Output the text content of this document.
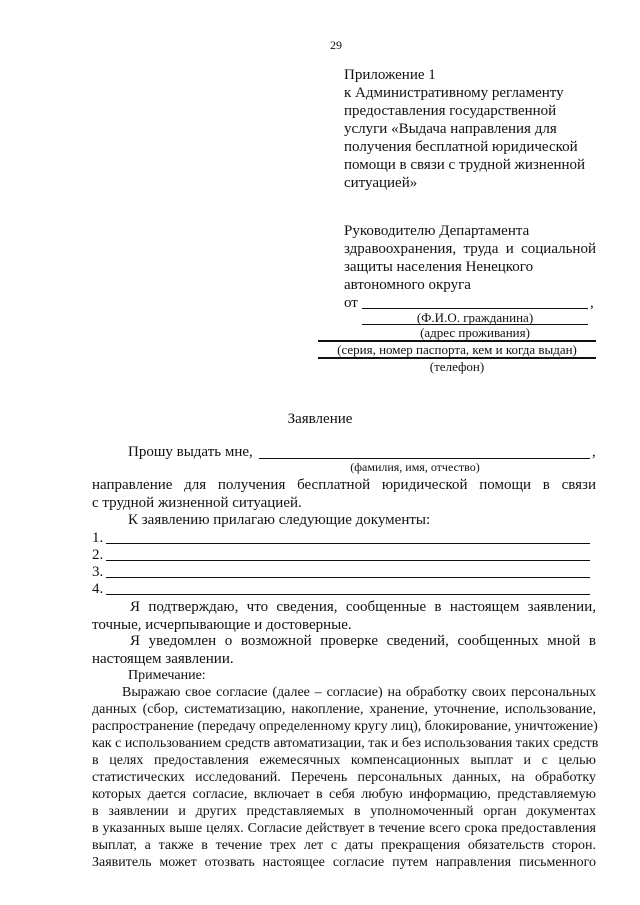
29
Приложение 1
к Административному регламенту
предоставления государственной
услуги «Выдача направления для
получения бесплатной юридической
помощи в связи с трудной жизненной
ситуацией»
Руководителю Департамента
здравоохранения, труда и социальной
защиты населения Ненецкого
автономного округа
от	,
(Ф.И.О. гражданина)
(адрес проживания)
(серия, номер паспорта, кем и когда выдан)
(телефон)
Заявление
Прошу выдать мне,	,
(фамилия, имя, отчество)
направление для получения бесплатной юридической помощи в связи
с трудной жизненной ситуацией.
К заявлению прилагаю следующие документы:
1.
2.
3.
4.
Я подтверждаю, что сведения, сообщенные в настоящем заявлении,
точные, исчерпывающие и достоверные.
Я уведомлен о возможной проверке сведений, сообщенных мной в
настоящем заявлении.
Примечание:
Выражаю свое согласие (далее – согласие) на обработку своих персональных
данных (сбор, систематизацию, накопление, хранение, уточнение, использование,
распространение (передачу определенному кругу лиц), блокирование, уничтожение)
как с использованием средств автоматизации, так и без использования таких средств
в целях предоставления ежемесячных компенсационных выплат и с целью
статистических исследований. Перечень персональных данных, на обработку
которых дается согласие, включает в себя любую информацию, представляемую
в заявлении и других представляемых в уполномоченный орган документах
в указанных выше целях. Согласие действует в течение всего срока предоставления
выплат, а также в течение трех лет с даты прекращения обязательств сторон.
Заявитель может отозвать настоящее согласие путем направления письменного
